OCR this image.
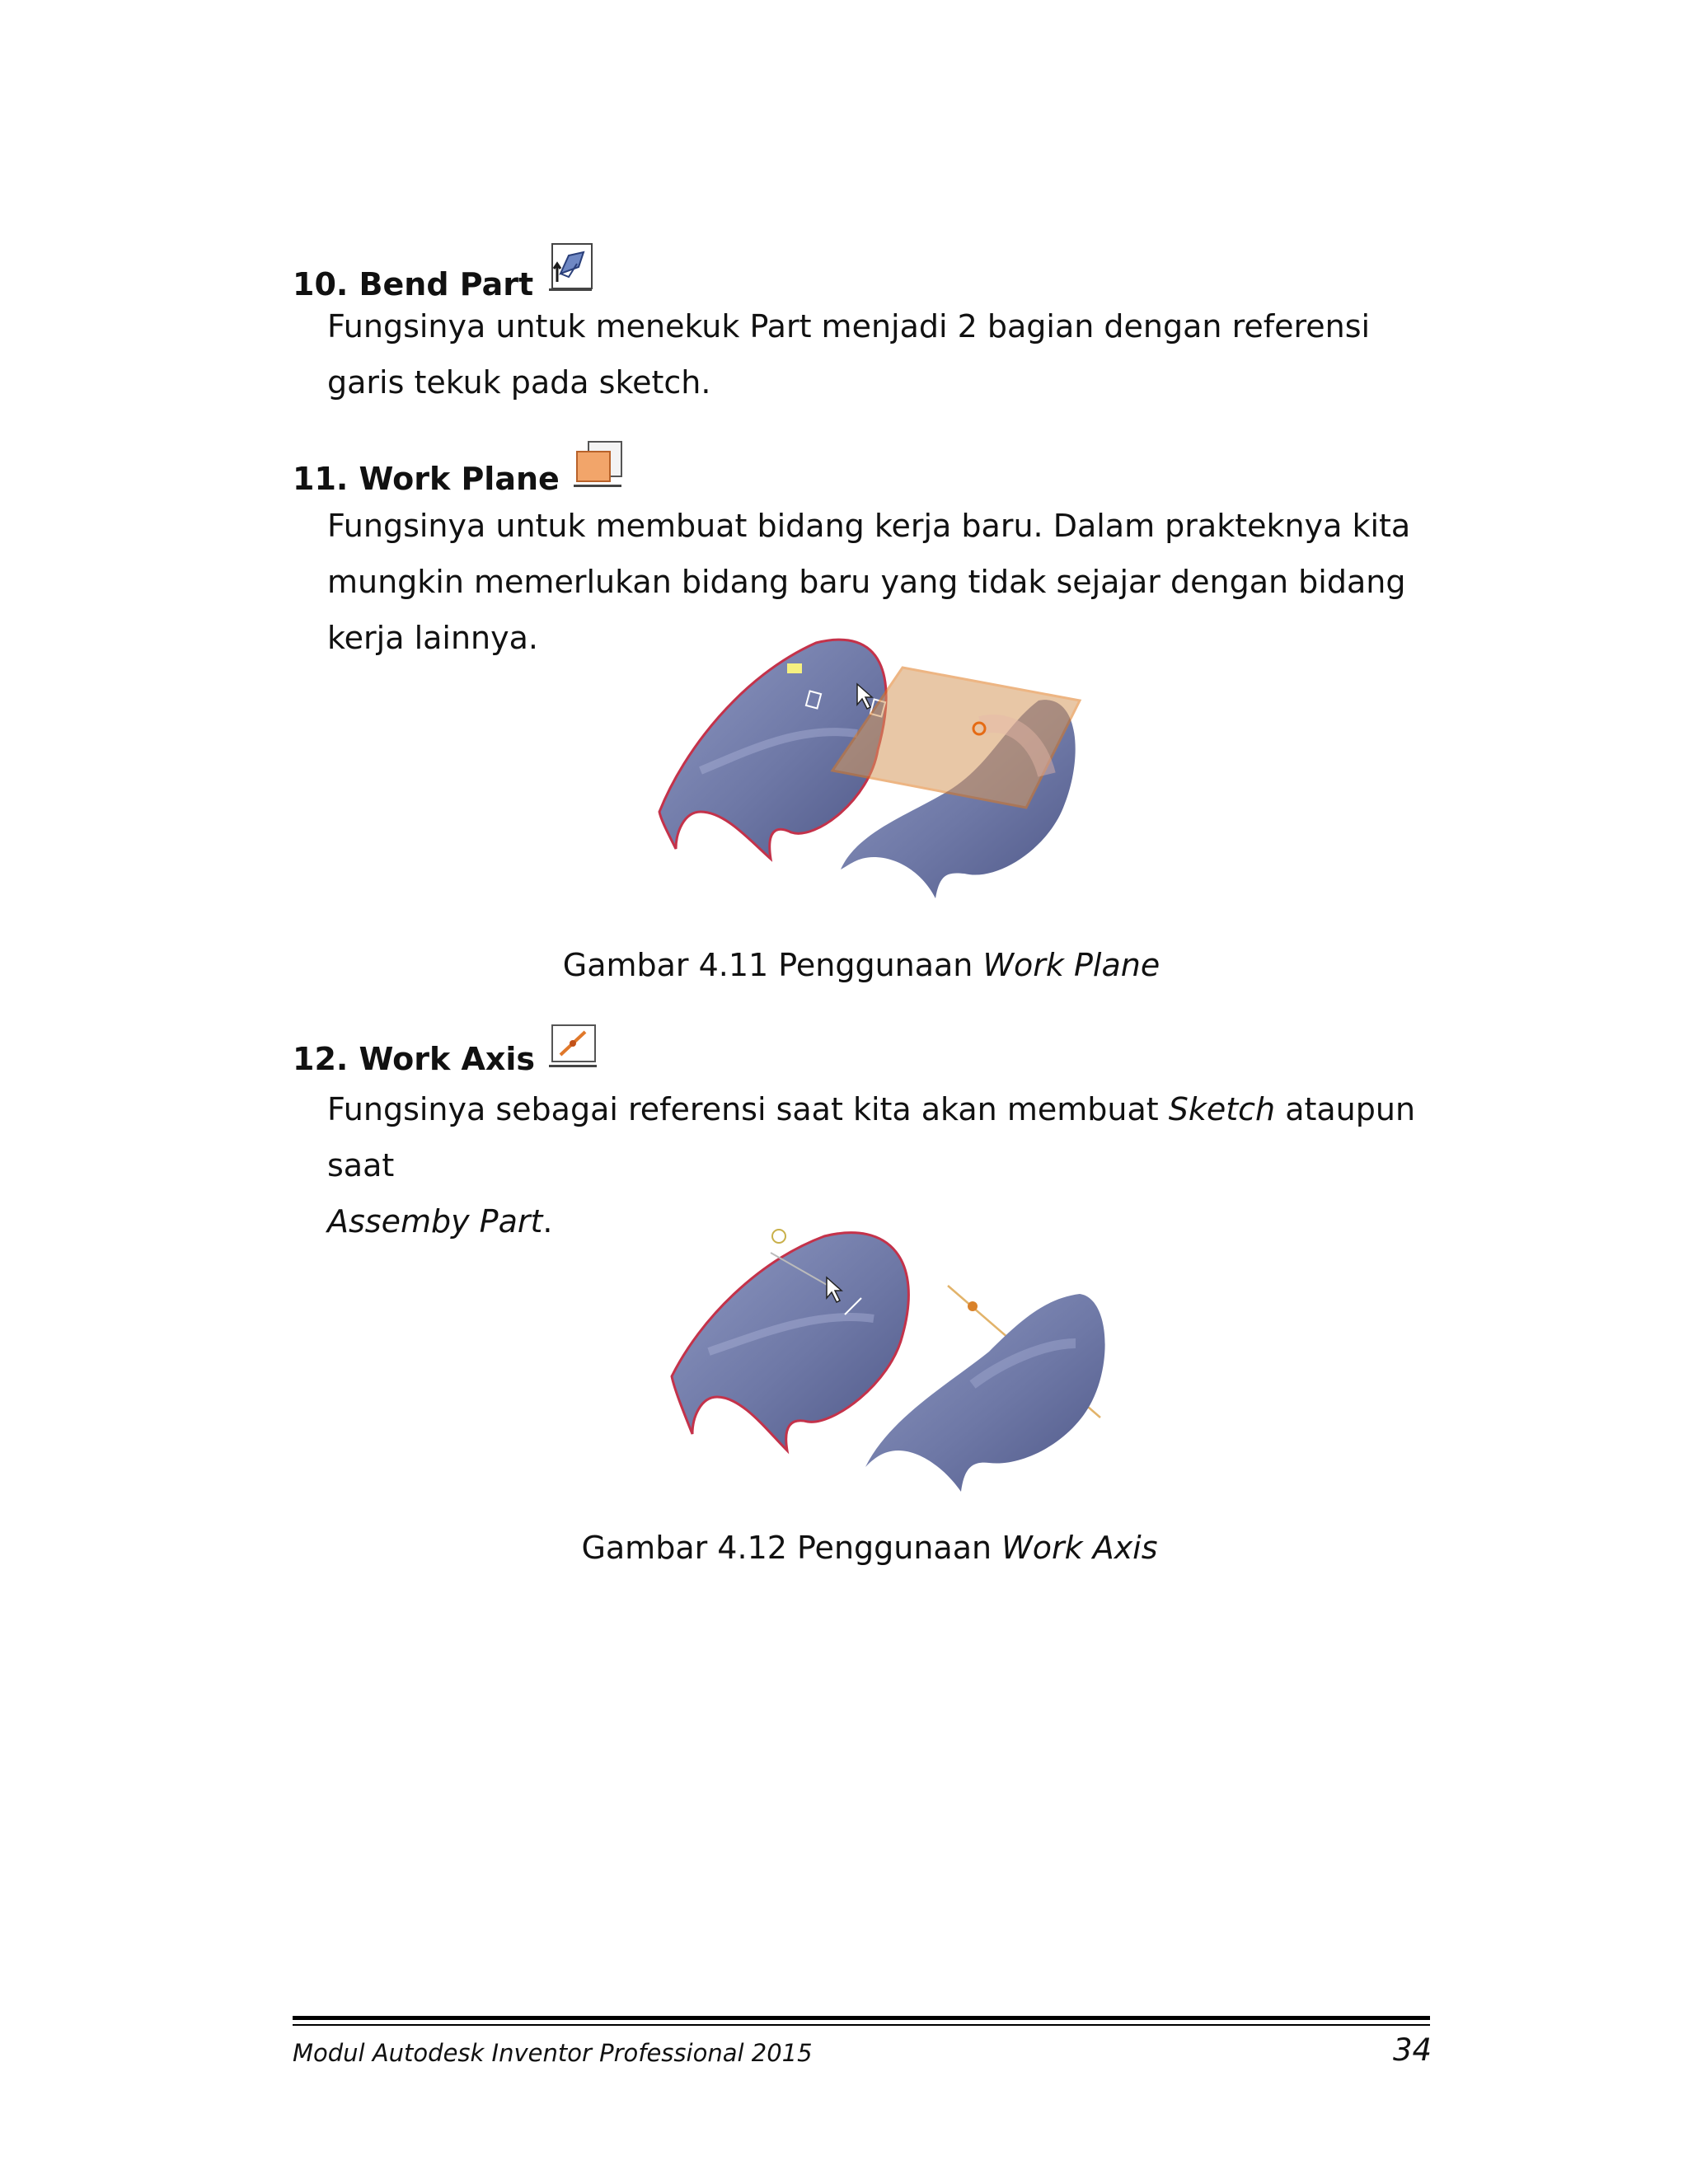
10. Bend Part
Fungsinya untuk menekuk Part menjadi 2 bagian dengan referensi garis tekuk pada sketch.
11. Work Plane
Fungsinya untuk membuat bidang kerja baru. Dalam prakteknya kita mungkin memerlukan bidang baru yang tidak sejajar dengan bidang kerja lainnya.
Gambar 4.11 Penggunaan Work Plane
12. Work Axis
Fungsinya sebagai referensi saat kita akan membuat Sketch ataupun saat
Assemby Part.
Gambar 4.12 Penggunaan Work Axis
Modul Autodesk Inventor Professional 2015	34
